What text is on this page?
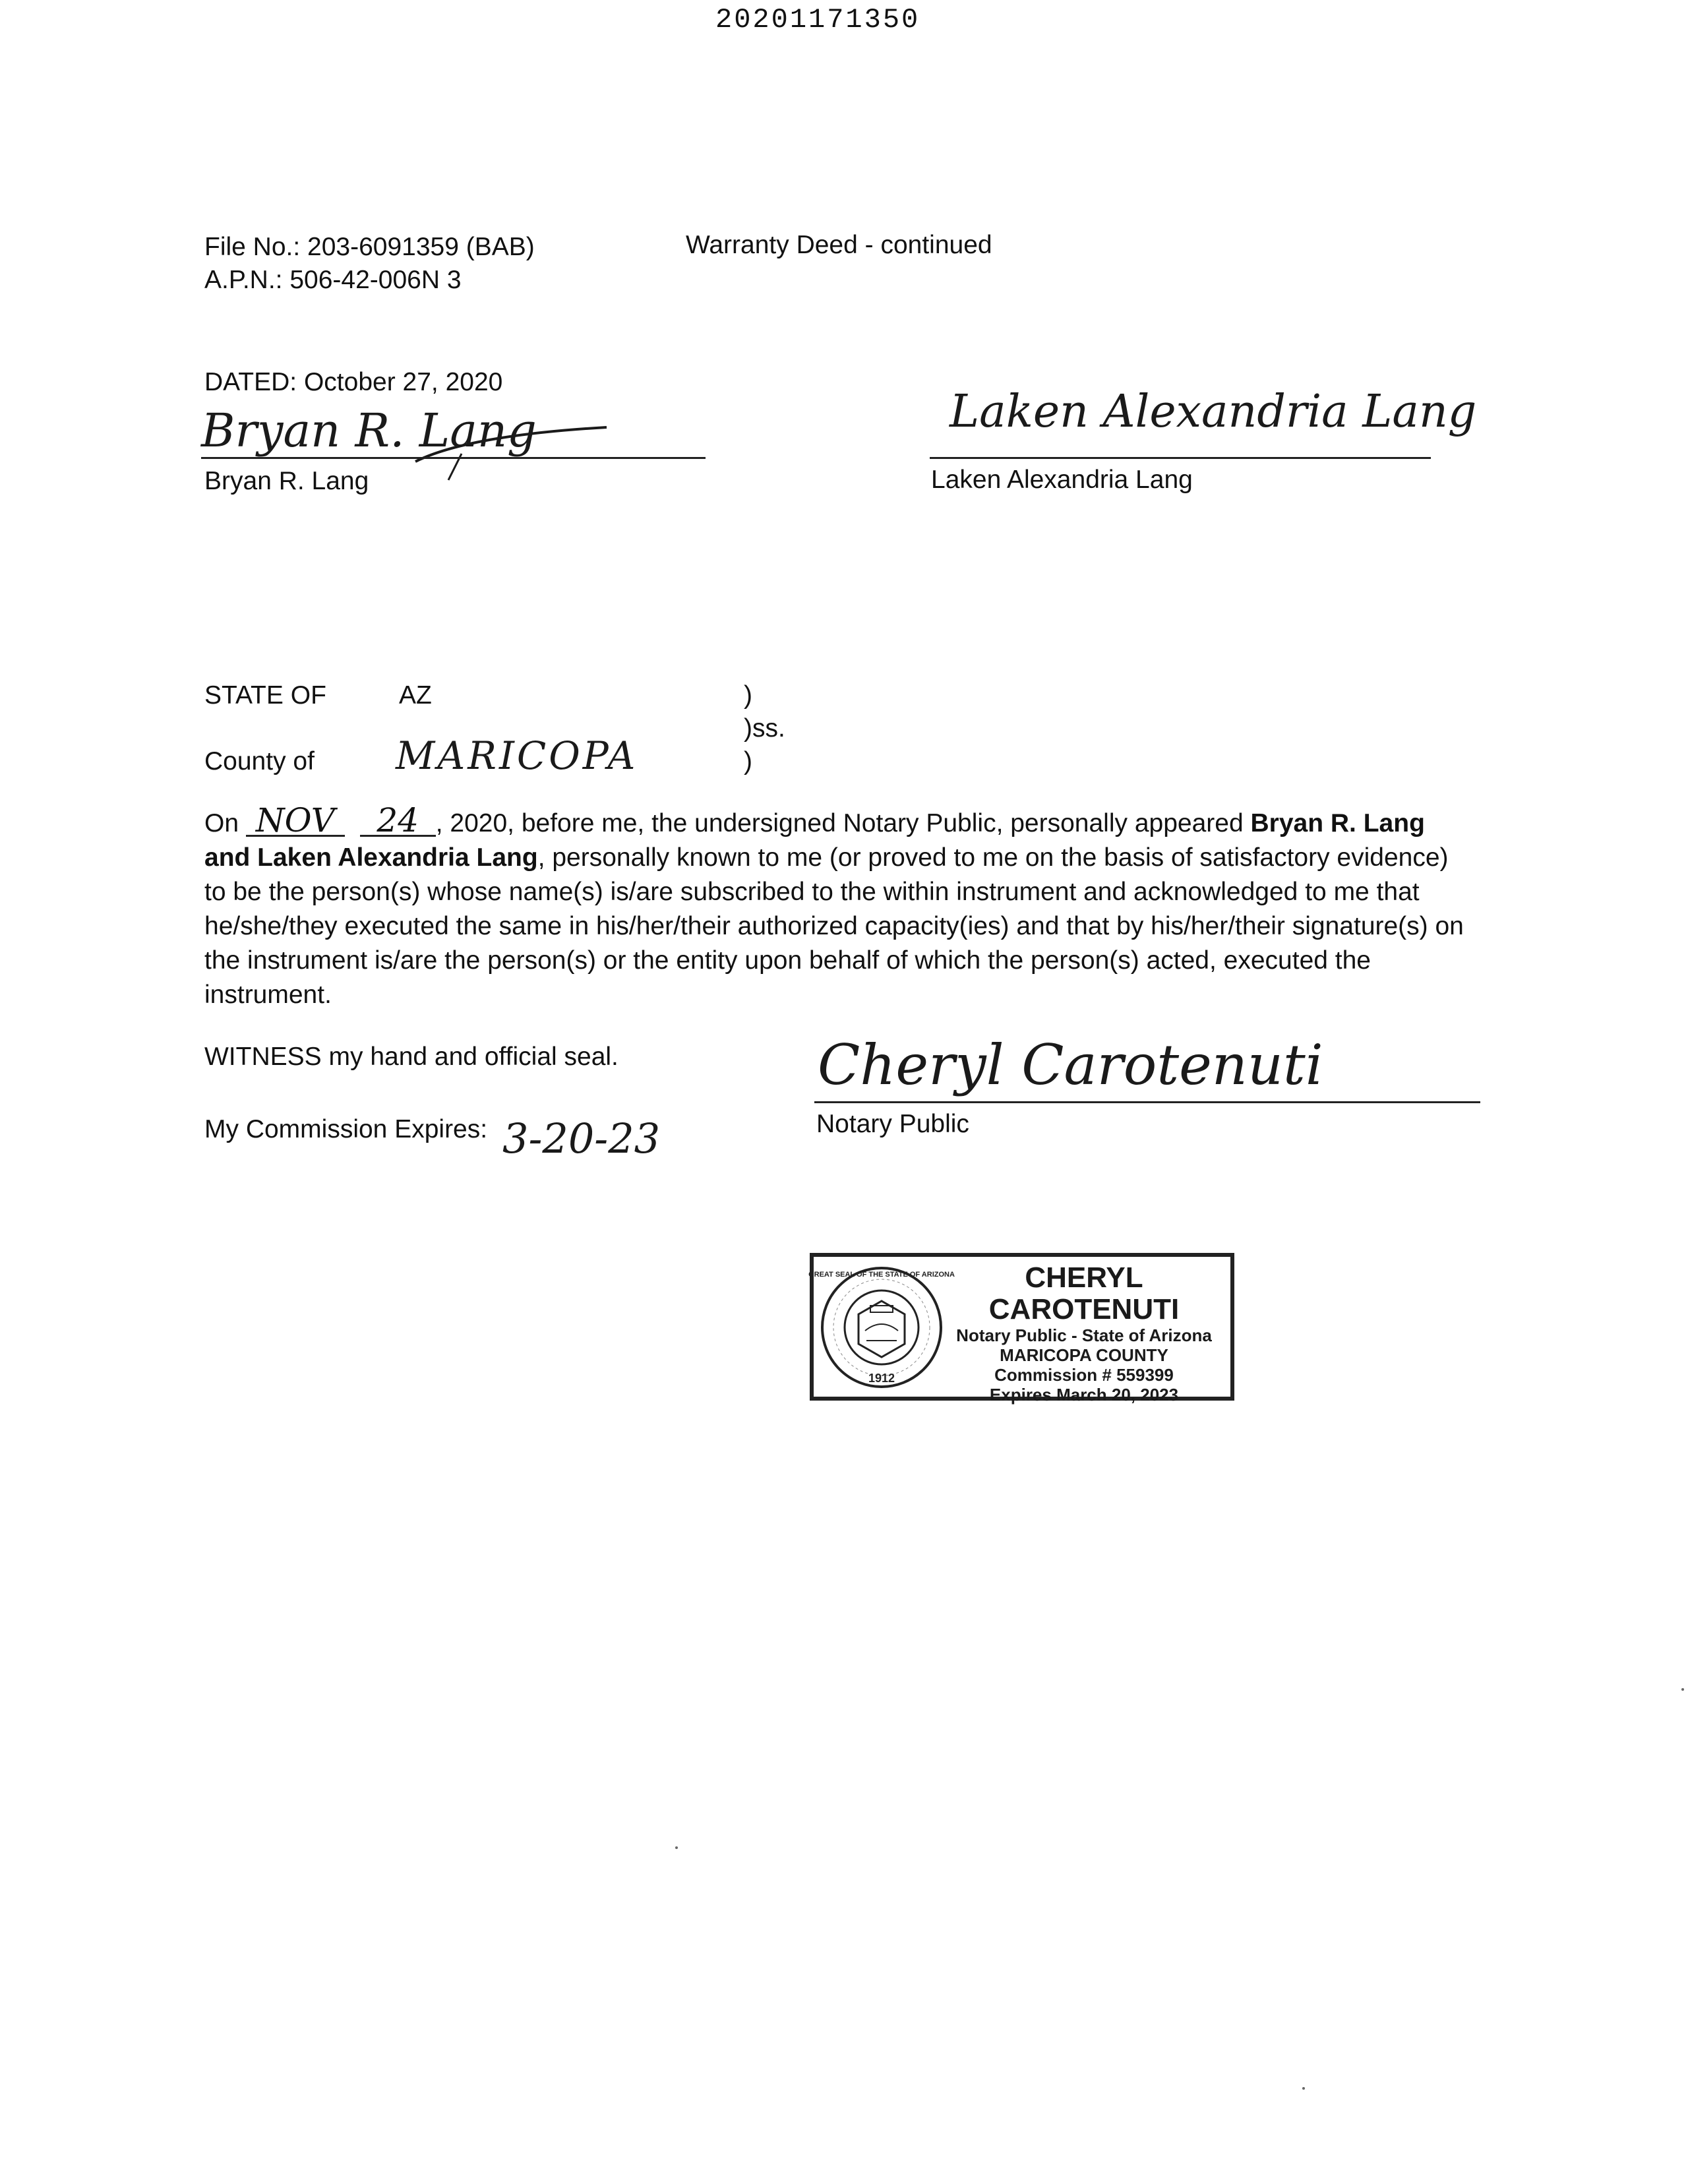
20201171350
File No.: 203-6091359 (BAB)
A.P.N.: 506-42-006N 3
Warranty Deed - continued
DATED: October 27, 2020
Bryan R. Lang
Bryan R. Lang
Laken Alexandria Lang
Laken Alexandria Lang
STATE OF	AZ	)
)ss.
County of MARICOPA	)
On NOV 24 , 2020, before me, the undersigned Notary Public, personally appeared Bryan R. Lang and Laken Alexandria Lang, personally known to me (or proved to me on the basis of satisfactory evidence) to be the person(s) whose name(s) is/are subscribed to the within instrument and acknowledged to me that he/she/they executed the same in his/her/their authorized capacity(ies) and that by his/her/their signature(s) on the instrument is/are the person(s) or the entity upon behalf of which the person(s) acted, executed the instrument.
WITNESS my hand and official seal.
My Commission Expires: 3-20-23
Cheryl Carotenuti
Notary Public
1912
GREAT SEAL OF THE STATE OF ARIZONA	CHERYL CAROTENUTI
Notary Public - State of Arizona
MARICOPA COUNTY
Commission # 559399
Expires March 20, 2023
